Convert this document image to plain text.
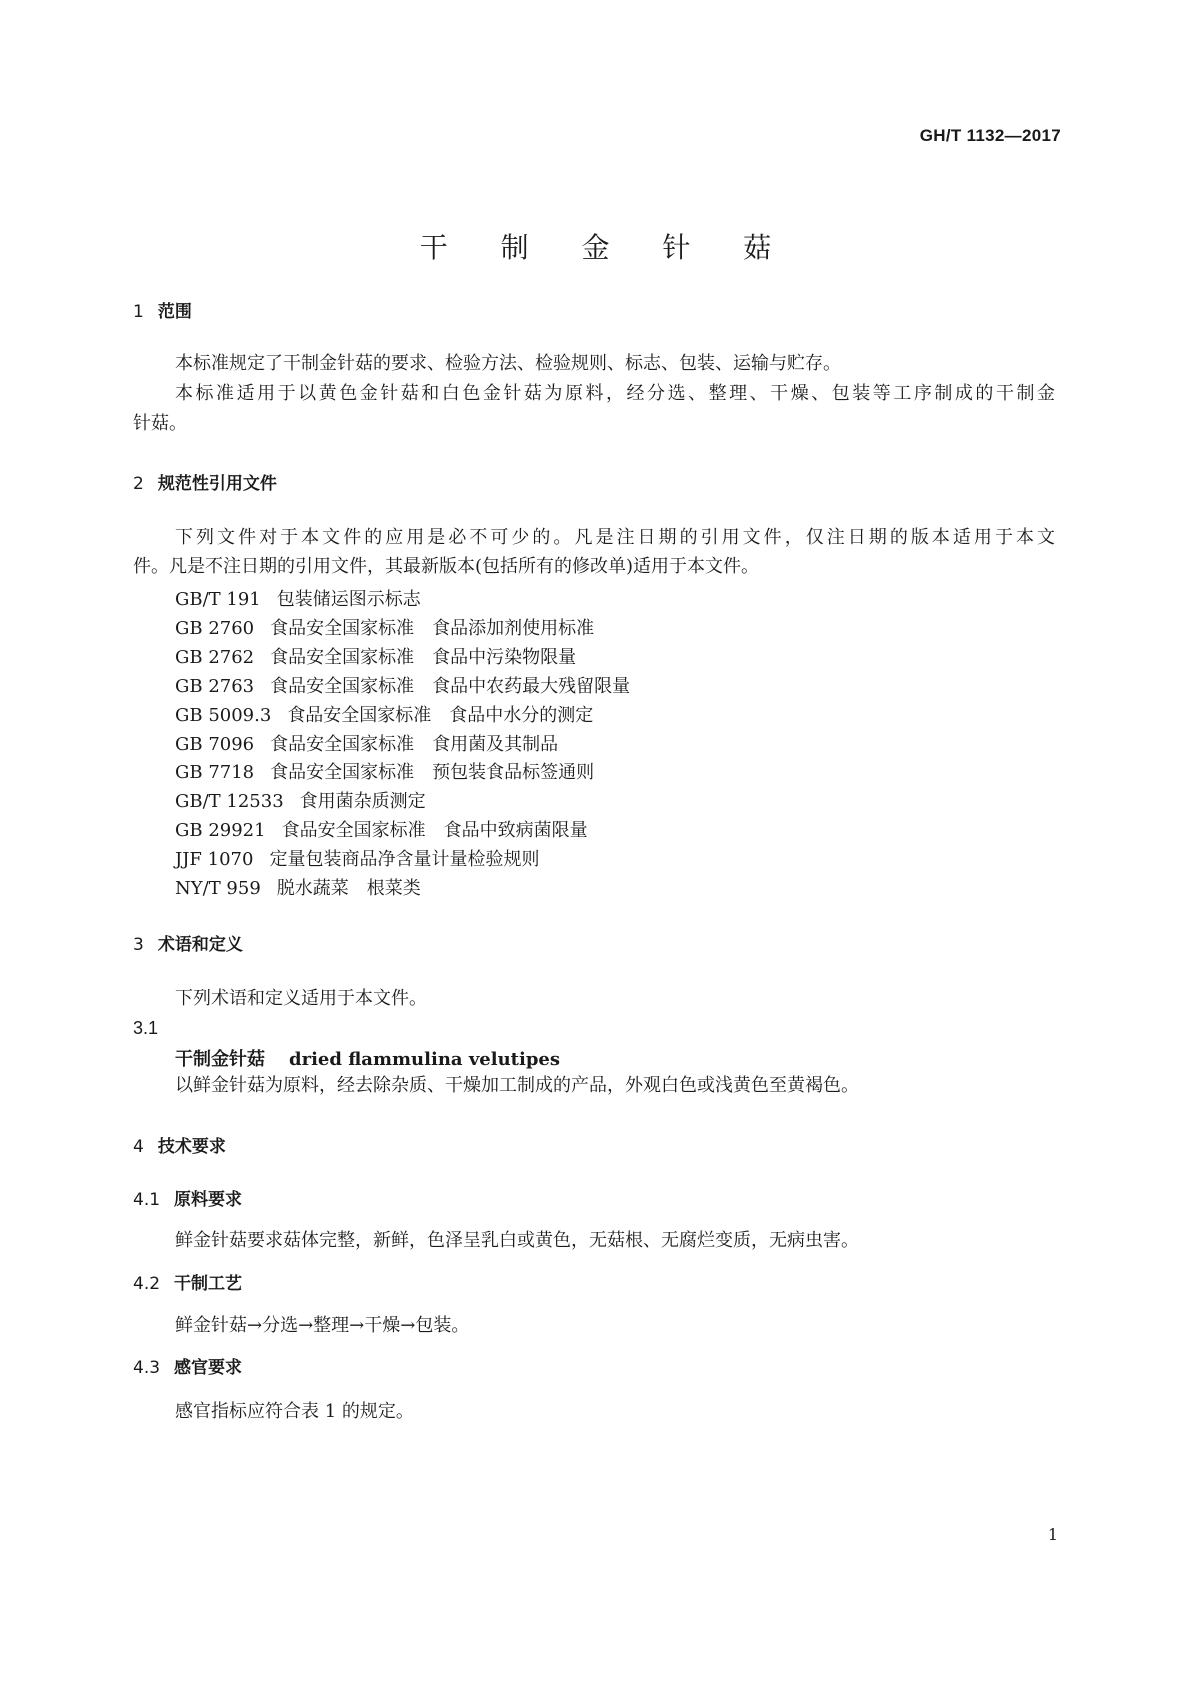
GH/T 1132—2017
干 制 金 针 菇
1 范围
本标准规定了干制金针菇的要求、检验方法、检验规则、标志、包装、运输与贮存。
本标准适用于以黄色金针菇和白色金针菇为原料，经分选、整理、干燥、包装等工序制成的干制金
针菇。
2 规范性引用文件
下列文件对于本文件的应用是必不可少的。凡是注日期的引用文件，仅注日期的版本适用于本文
件。凡是不注日期的引用文件，其最新版本(包括所有的修改单)适用于本文件。
GB/T 191 包装储运图示标志
GB 2760 食品安全国家标准　食品添加剂使用标准
GB 2762 食品安全国家标准　食品中污染物限量
GB 2763 食品安全国家标准　食品中农药最大残留限量
GB 5009.3 食品安全国家标准　食品中水分的测定
GB 7096 食品安全国家标准　食用菌及其制品
GB 7718 食品安全国家标准　预包装食品标签通则
GB/T 12533 食用菌杂质测定
GB 29921 食品安全国家标准　食品中致病菌限量
JJF 1070 定量包装商品净含量计量检验规则
NY/T 959 脱水蔬菜　根菜类
3 术语和定义
下列术语和定义适用于本文件。
3.1
干制金针菇 dried flammulina velutipes
以鲜金针菇为原料，经去除杂质、干燥加工制成的产品，外观白色或浅黄色至黄褐色。
4 技术要求
4.1 原料要求
鲜金针菇要求菇体完整，新鲜，色泽呈乳白或黄色，无菇根、无腐烂变质，无病虫害。
4.2 干制工艺
鲜金针菇→分选→整理→干燥→包装。
4.3 感官要求
感官指标应符合表 1 的规定。
1
